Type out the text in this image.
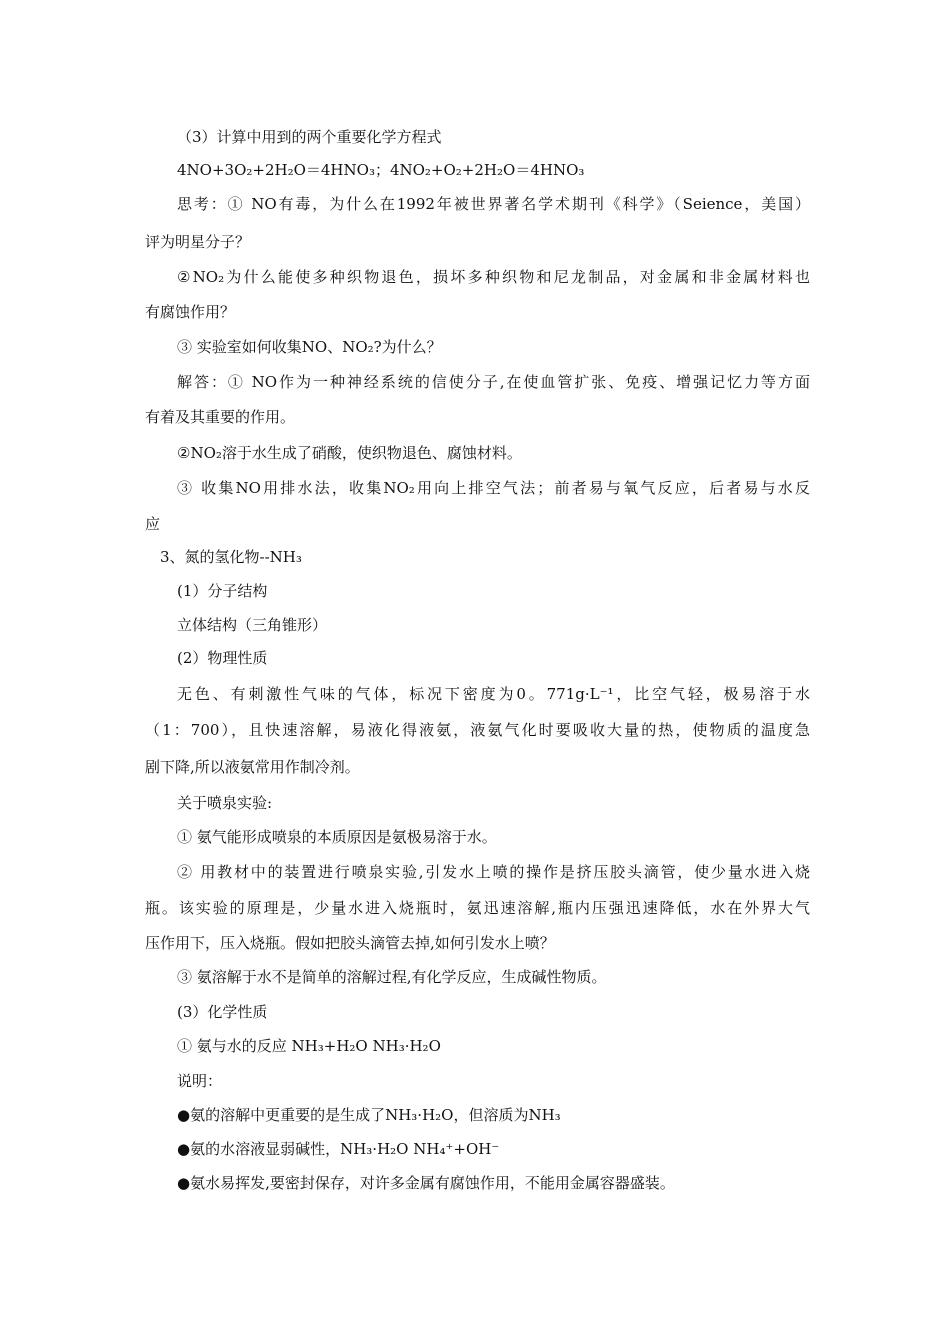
（3）计算中用到的两个重要化学方程式
4NO+3O₂+2H₂O＝4HNO₃；4NO₂+O₂+2H₂O＝4HNO₃
思考：① NO有毒，为什么在1992年被世界著名学术期刊《科学》（Seience，美国）
评为明星分子？
②NO₂为什么能使多种织物退色，损坏多种织物和尼龙制品，对金属和非金属材料也
有腐蚀作用？
③ 实验室如何收集NO、NO₂?为什么？
解答：① NO作为一种神经系统的信使分子,在使血管扩张、免疫、增强记忆力等方面
有着及其重要的作用。
②NO₂溶于水生成了硝酸，使织物退色、腐蚀材料。
③ 收集NO用排水法，收集NO₂用向上排空气法；前者易与氧气反应，后者易与水反
应
3、氮的氢化物--NH₃
(1）分子结构
立体结构（三角锥形）
(2）物理性质
无色、有刺激性气味的气体，标况下密度为0。771g·L⁻¹，比空气轻，极易溶于水
（1：700），且快速溶解，易液化得液氨，液氨气化时要吸收大量的热，使物质的温度急
剧下降,所以液氨常用作制冷剂。
关于喷泉实验:
① 氨气能形成喷泉的本质原因是氨极易溶于水。
② 用教材中的装置进行喷泉实验,引发水上喷的操作是挤压胶头滴管，使少量水进入烧
瓶。该实验的原理是，少量水进入烧瓶时，氨迅速溶解,瓶内压强迅速降低，水在外界大气
压作用下，压入烧瓶。假如把胶头滴管去掉,如何引发水上喷？
③ 氨溶解于水不是简单的溶解过程,有化学反应，生成碱性物质。
(3）化学性质
① 氨与水的反应 NH₃+H₂O NH₃·H₂O
说明：
●氨的溶解中更重要的是生成了NH₃·H₂O，但溶质为NH₃
●氨的水溶液显弱碱性，NH₃·H₂O NH₄⁺+OH⁻
●氨水易挥发,要密封保存，对许多金属有腐蚀作用，不能用金属容器盛装。
